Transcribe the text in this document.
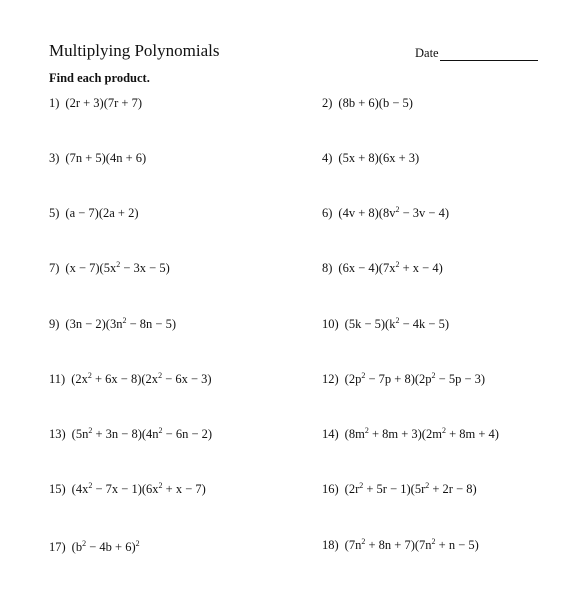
Multiplying Polynomials	Date
Find each product.
1) (2r + 3)(7r + 7)	2) (8b + 6)(b − 5)
3) (7n + 5)(4n + 6)	4) (5x + 8)(6x + 3)
5) (a − 7)(2a + 2)	6) $(4v + 8)(8v^2 - 3v - 4)$
7) $(x - 7)(5x^2 - 3x - 5)$	8) $(6x - 4)(7x^2 + x - 4)$
9) $(3n - 2)(3n^2 - 8n - 5)$	10) $(5k - 5)(k^2 - 4k - 5)$
11) $(2x^2 + 6x - 8)(2x^2 - 6x - 3)$	12) $(2p^2 - 7p + 8)(2p^2 - 5p - 3)$
13) $(5n^2 + 3n - 8)(4n^2 - 6n - 2)$	14) $(8m^2 + 8m + 3)(2m^2 + 8m + 4)$
15) $(4x^2 - 7x - 1)(6x^2 + x - 7)$	16) $(2r^2 + 5r - 1)(5r^2 + 2r - 8)$
17) $(b^2 - 4b + 6)^2$	18) $(7n^2 + 8n + 7)(7n^2 + n - 5)$
